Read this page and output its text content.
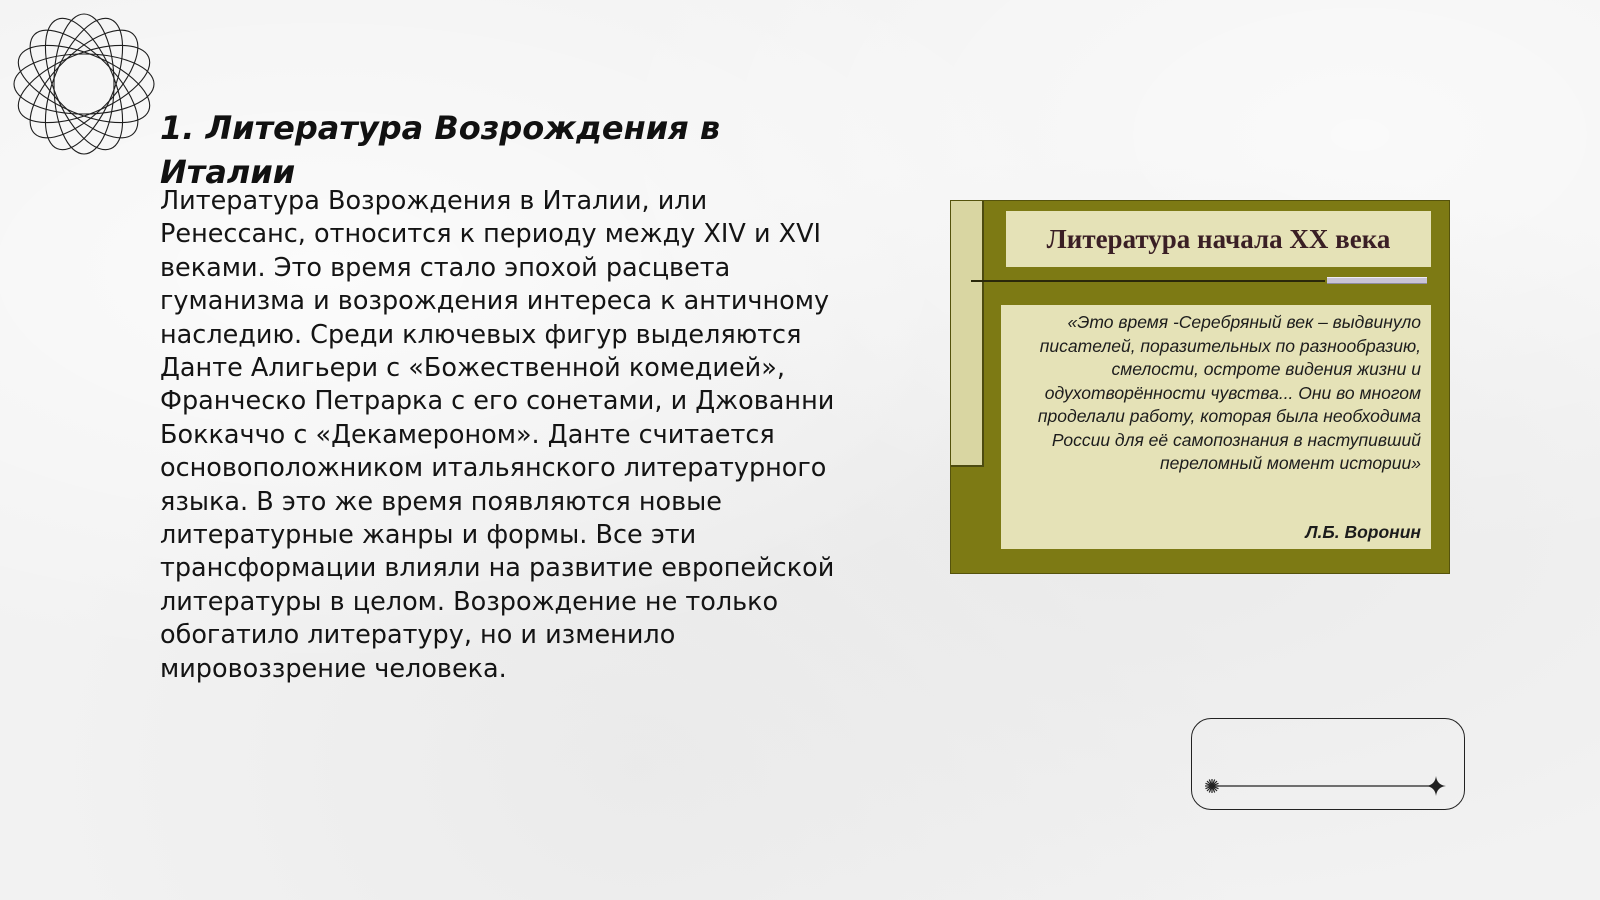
1. Литература Возрождения в Италии

Литература Возрождения в Италии, или Ренессанс, относится к периоду между XIV и XVI веками. Это время стало эпохой расцвета гуманизма и возрождения интереса к античному наследию. Среди ключевых фигур выделяются Данте Алигьери с «Божественной комедией», Франческо Петрарка с его сонетами, и Джованни Боккаччо с «Декамероном». Данте считается основоположником итальянского литературного языка. В это же время появляются новые литературные жанры и формы. Все эти трансформации влияли на развитие европейской литературы в целом. Возрождение не только обогатило литературу, но и изменило мировоззрение человека.

Литература начала XX века

«Это время -Серебряный век – выдвинуло писателей, поразительных по разнообразию, смелости, остроте видения жизни и одухотворённости чувства... Они во многом проделали работу, которая была необходима России для её самопознания в наступивший переломный момент истории»

Л.Б. Воронин
